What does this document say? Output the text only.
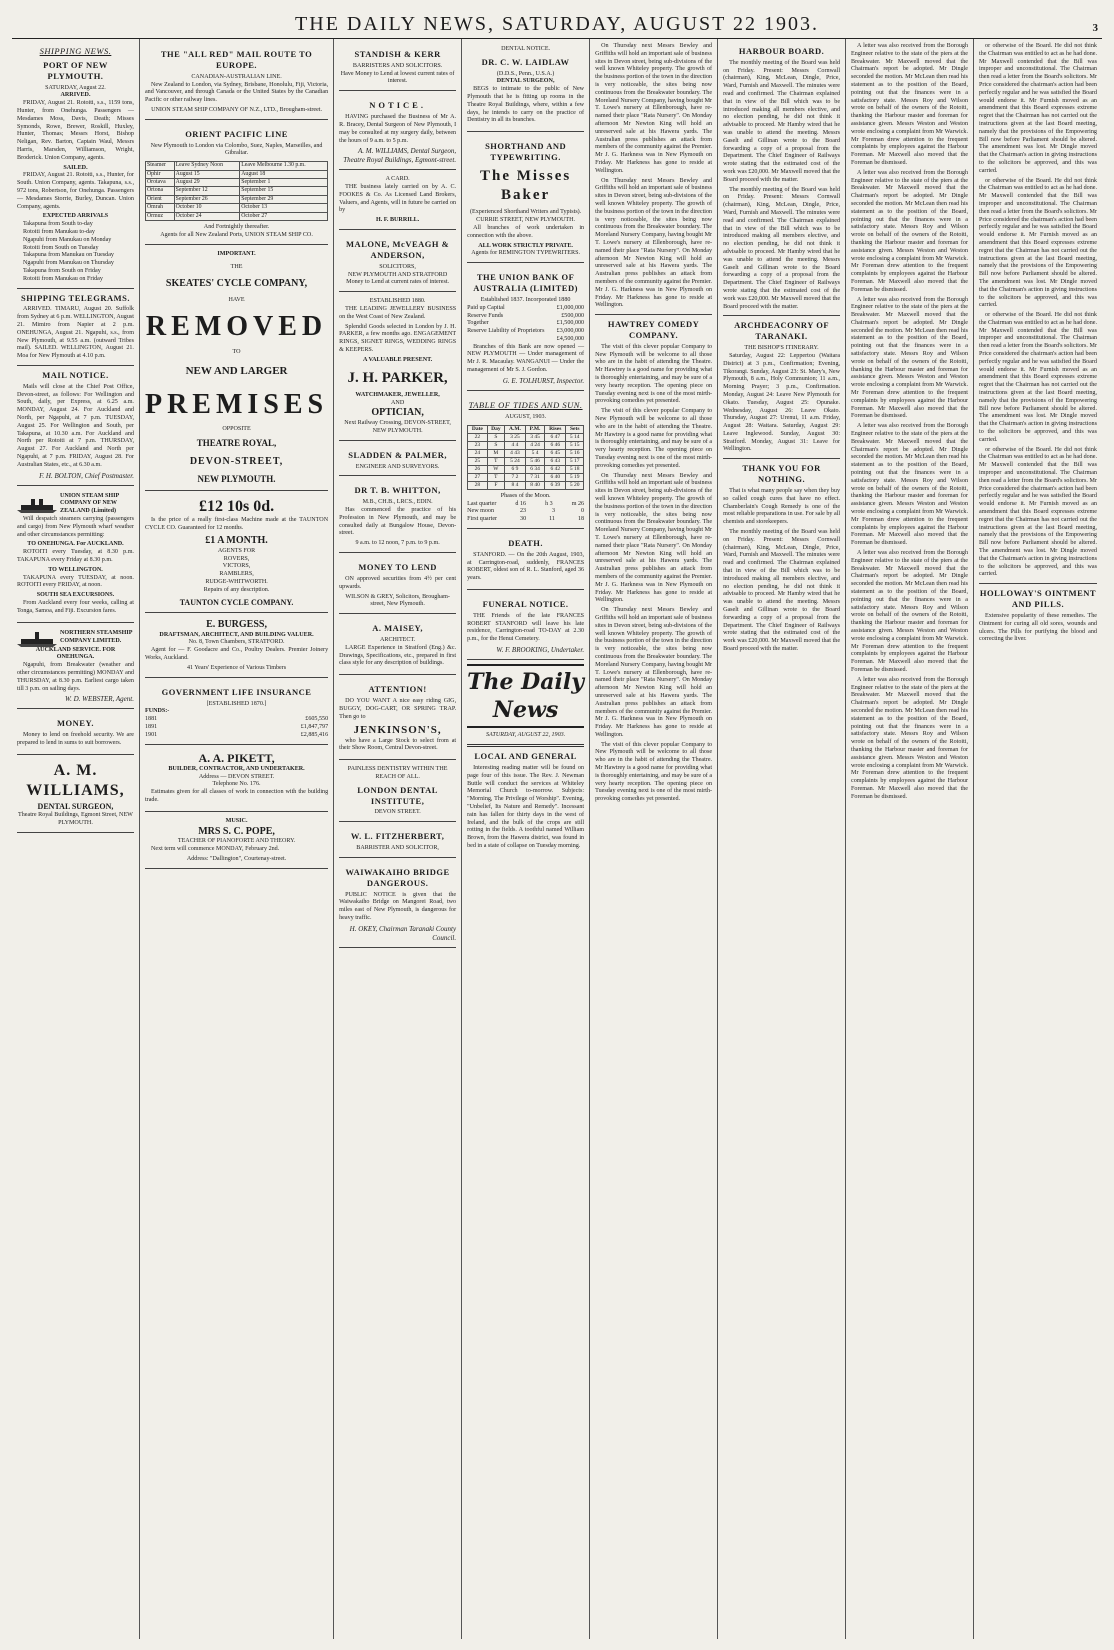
THE DAILY NEWS, SATURDAY, AUGUST 22 1903.	3
SHIPPING NEWS.
PORT OF NEW PLYMOUTH.
SATURDAY, August 22.
ARRIVED.

FRIDAY, August 21. Rotoiti, s.s., 1159 tons, Hunter, from Onehunga. Passengers — Mesdames Moss, Davis, Death; Misses Symonds, Rowe, Brewer, Roskill, Huxley, Hunter, Thomas; Messrs Horst, Bishop Neligan, Rev. Barton, Captain Waul, Messrs Harris, Marsden, Williamson, Wright, Broderick. Union Company, agents.

SAILED.

FRIDAY, August 21. Rotoiti, s.s., Hunter, for South. Union Company, agents. Takapuna, s.s., 972 tons, Robertson, for Onehunga. Passengers — Mesdames Storrie, Burley, Duncan. Union Company, agents.

EXPECTED ARRIVALS
Takapuna from South to-day
Rotoiti from Manukau to-day
Ngapuhi from Manukau on Monday
Rotoiti from South on Tuesday
Takapuna from Manukau on Tuesday
Ngapuhi from Manukau on Thursday
Takapuna from South on Friday
Rotoiti from Manukau on Friday
SHIPPING TELEGRAMS.

ARRIVED. TIMARU, August 20. Suffolk from Sydney at 6 p.m. WELLINGTON, August 21. Mimiro from Napier at 2 p.m. ONEHUNGA, August 21. Ngapuhi, s.s., from New Plymouth, at 9.55 a.m. (outward Tribes mail). SAILED. WELLINGTON, August 21. Moa for New Plymouth at 4.10 p.m.

MAIL NOTICE.

Mails will close at the Chief Post Office, Devon-street, as follows: For Wellington and South, daily, per Express, at 6.25 a.m. MONDAY, August 24. For Auckland and North, per Ngapuhi, at 7 p.m. TUESDAY, August 25. For Wellington and South, per Takapuna, at 10.30 a.m. For Auckland and North per Rotoiti at 7 p.m. THURSDAY, August 27. For Auckland and North per Ngapuhi, at 7 p.m. FRIDAY, August 28. For Australian States, etc., at 6.30 a.m.

F. H. BOLTON, Chief Postmaster.
UNION STEAM SHIP COMPANY OF NEW ZEALAND (Limited)

Will despatch steamers carrying (passengers and cargo) from New Plymouth wharf weather and other circumstances permitting:

TO ONEHUNGA. For AUCKLAND.

ROTOITI every Tuesday, at 8.30 p.m. TAKAPUNA every Friday at 8.30 p.m.

TO WELLINGTON.

TAKAPUNA every TUESDAY, at noon. ROTOITI every FRIDAY, at noon.

SOUTH SEA EXCURSIONS.

From Auckland every four weeks, calling at Tonga, Samoa, and Fiji. Excursion fares.

NORTHERN STEAMSHIP COMPANY LIMITED.
AUCKLAND SERVICE. FOR ONEHUNGA.

Ngapuhi, from Breakwater (weather and other circumstances permitting) MONDAY and THURSDAY, at 8.30 p.m. Earliest cargo taken till 3 p.m. on sailing days.

W. D. WEBSTER, Agent.
MONEY.

Money to lend on freehold security. We are prepared to lend in sums to suit borrowers.

A. M. WILLIAMS,
DENTAL SURGEON,
Theatre Royal Buildings, Egmont Street, NEW PLYMOUTH.
THE "ALL RED" MAIL ROUTE TO EUROPE.
CANADIAN-AUSTRALIAN LINE.

New Zealand to London, via Sydney, Brisbane, Honolulu, Fiji, Victoria, and Vancouver, and through Canada or the United States by the Canadian Pacific or other railway lines.

UNION STEAM SHIP COMPANY OF N.Z., LTD., Brougham-street.
ORIENT PACIFIC LINE
New Plymouth to London via Colombo, Suez, Naples, Marseilles, and Gibraltar.
Steamer	Leave Sydney Noon	Leave Melbourne 1.30 p.m.
Ophir	August 15	August 18
Orotava	August 29	September 1
Ortona	September 12	September 15
Orient	September 26	September 29
Omrah	October 10	October 13
Ormuz	October 24	October 27
And Fortnightly thereafter.
Agents for all New Zealand Ports, UNION STEAM SHIP CO.
IMPORTANT.
THE
SKEATES' CYCLE COMPANY,
HAVE
REMOVED
TO
NEW AND LARGER
PREMISES
OPPOSITE
THEATRE ROYAL,
DEVON-STREET,
NEW PLYMOUTH.
£12 10s 0d.

Is the price of a really first-class Machine made at the TAUNTON CYCLE CO. Guaranteed for 12 months.

£1 A MONTH.
AGENTS FOR
ROVERS,
VICTORS,
RAMBLERS,
RUDGE-WHITWORTH.
Repairs of any description.
TAUNTON CYCLE COMPANY.
E. BURGESS,
DRAFTSMAN, ARCHITECT, AND BUILDING VALUER.
No. 8, Town Chambers, STRATFORD.

Agent for — F. Goodacre and Co., Poultry Dealers. Premier Joinery Works, Auckland.

41 Years' Experience of Various Timbers
GOVERNMENT LIFE INSURANCE
[ESTABLISHED 1870.]
FUNDS:-
1881	£605,550
1891	£1,847,797
1901	£2,885,416
A. A. PIKETT,
BUILDER, CONTRACTOR, AND UNDERTAKER.
Address — DEVON STREET.
Telephone No. 176.

Estimates given for all classes of work in connection with the building trade.

MUSIC.
MRS S. C. POPE,
TEACHER OF PIANOFORTE AND THEORY.

Next term will commence MONDAY, February 2nd.

Address: "Dallington", Courtenay-street.
STANDISH & KERR
BARRISTERS AND SOLICITORS.
Have Money to Lend at lowest current rates of interest.
NOTICE.

HAVING purchased the Business of Mr A. R. Bracey, Dental Surgeon of New Plymouth, I may be consulted at my surgery daily, between the hours of 9 a.m. to 5 p.m.

A. M. WILLIAMS, Dental Surgeon, Theatre Royal Buildings, Egmont-street.
A CARD.

THE business lately carried on by A. C. FOOKES & Co. As Licensed Land Brokers, Valuers, and Agents, will in future be carried on by

H. F. BURRILL.
MALONE, McVEAGH & ANDERSON,
SOLICITORS,
NEW PLYMOUTH AND STRATFORD
Money to Lend at current rates of interest.
ESTABLISHED 1880.

THE LEADING JEWELLERY BUSINESS on the West Coast of New Zealand.

Splendid Goods selected in London by J. H. PARKER, a few months ago. ENGAGEMENT RINGS, SIGNET RINGS, WEDDING RINGS & KEEPERS.

A VALUABLE PRESENT.
J. H. PARKER,
WATCHMAKER, JEWELLER,
AND
OPTICIAN,
Next Railway Crossing, DEVON-STREET, NEW PLYMOUTH.
SLADDEN & PALMER,
ENGINEER AND SURVEYORS.
DR T. B. WHITTON,
M.B., CH.B., LRCS., EDIN.

Has commenced the practice of his Profession in New Plymouth, and may be consulted daily at Bungalow House, Devon-street.

9 a.m. to 12 noon, 7 p.m. to 9 p.m.
MONEY TO LEND

ON approved securities from 4½ per cent upwards.

WILSON & GREY, Solicitors, Brougham-street, New Plymouth.
A. MAISEY,
ARCHITECT.

LARGE Experience in Stratford (Eng.) &c. Drawings, Specifications, etc., prepared in first class style for any description of buildings.

ATTENTION!

DO YOU WANT A nice easy riding GIG, BUGGY, DOG-CART, OR SPRING TRAP. Then go to

JENKINSON'S,

who have a Large Stock to select from at their Show Room, Central Devon-street.

PAINLESS DENTISTRY WITHIN THE REACH OF ALL.
LONDON DENTAL INSTITUTE,
DEVON STREET.
W. L. FITZHERBERT,
BARRISTER AND SOLICITOR,
WAIWAKAIHO BRIDGE DANGEROUS.

PUBLIC NOTICE is given that the Waiwakaiho Bridge on Mangorei Road, two miles east of New Plymouth, is dangerous for heavy traffic.

H. OKEY, Chairman Taranaki County Council.
DENTAL NOTICE.
DR. C. W. LAIDLAW
(D.D.S., Penn., U.S.A.)
DENTAL SURGEON,

BEGS to intimate to the public of New Plymouth that he is fitting up rooms in the Theatre Royal Buildings, where, within a few days, he intends to carry on the practice of Dentistry in all its branches.

SHORTHAND AND TYPEWRITING.
The Misses Baker
(Experienced Shorthand Writers and Typists).
CURRIE STREET, NEW PLYMOUTH.

All branches of work undertaken in connection with the above.

ALL WORK STRICTLY PRIVATE.
Agents for REMINGTON TYPEWRITERS.
THE UNION BANK OF AUSTRALIA (LIMITED)
Established 1837. Incorporated 1880
Paid up Capital	£1,000,000
Reserve Funds	£500,000
Together	£1,500,000
Reserve Liability of Proprietors £3,000,000
£4,500,000

Branches of this Bank are now opened — NEW PLYMOUTH — Under management of Mr J. R. Macaulay. WANGANUI — Under the management of Mr S. J. Gordon.

G. E. TOLHURST, Inspector.
TABLE OF TIDES AND SUN.
AUGUST, 1903.
Date	Day	A.M.	P.M.	Rises	Sets
22	S	3 25	3 45	6 47	5 14
23	S	4 4	4 24	6 46	5 15
24	M	4 43	5 4	6 45	5 16
25	T	5 24	5 46	6 43	5 17
26	W	6 9	6 34	6 42	5 18
27	T	7 2	7 31	6 40	5 19
28	F	8 4	8 40	6 39	5 20
Phases of the Moon.
Last quarter	d 16	h 3	m 26
New moon	23	3	0
First quarter	30	11	18
DEATH.

STANFORD. — On the 20th August, 1903, at Carrington-road, suddenly, FRANCES ROBERT, oldest son of R. L. Stanford, aged 36 years.

FUNERAL NOTICE.

THE Friends of the late FRANCES ROBERT STANFORD will leave his late residence, Carrington-road TO-DAY at 2.30 p.m., for the Henui Cemetery.

W. F. BROOKING, Undertaker.
The Daily News
SATURDAY, AUGUST 22, 1903.
LOCAL AND GENERAL

Interesting reading matter will be found on page four of this issue. The Rev. J. Newman Buttle will conduct the services at Whiteley Memorial Church to-morrow. Subjects: "Morning, The Privilege of Worship". Evening, "Unbelief, Its Nature and Remedy". Incessant rain has fallen for thirty days in the west of Ireland, and the bulk of the crops are still rotting in the fields. A toothful named William Brown, from the Hawera district, was found in bed in a state of collapse on Tuesday morning.

On Thursday next Messrs Bewley and Griffiths will hold an important sale of business sites in Devon street, being sub-divisions of the well known Whiteley property. The growth of the business portion of the town in the direction is very noticeable, the sites being now continuous from the Breakwater boundary. The Moreland Nursery Company, having bought Mr T. Lowe's nursery at Ellenborough, have re-named their place "Rata Nursery". On Monday afternoon Mr Newton King will hold an unreserved sale at his Hawera yards. The Australian press publishes an attack from members of the community against the Premier. Mr J. G. Harkness was in New Plymouth on Friday. Mr Harkness has gone to reside at Wellington.

On Thursday next Messrs Bewley and Griffiths will hold an important sale of business sites in Devon street, being sub-divisions of the well known Whiteley property. The growth of the business portion of the town in the direction is very noticeable, the sites being now continuous from the Breakwater boundary. The Moreland Nursery Company, having bought Mr T. Lowe's nursery at Ellenborough, have re-named their place "Rata Nursery". On Monday afternoon Mr Newton King will hold an unreserved sale at his Hawera yards. The Australian press publishes an attack from members of the community against the Premier. Mr J. G. Harkness was in New Plymouth on Friday. Mr Harkness has gone to reside at Wellington.

HAWTREY COMEDY COMPANY.

The visit of this clever popular Company to New Plymouth will be welcome to all those who are in the habit of attending the Theatre. Mr Hawtrey is a good name for providing what is thoroughly entertaining, and may be sure of a very hearty reception. The opening piece on Tuesday evening next is one of the most mirth-provoking comedies yet presented.

The visit of this clever popular Company to New Plymouth will be welcome to all those who are in the habit of attending the Theatre. Mr Hawtrey is a good name for providing what is thoroughly entertaining, and may be sure of a very hearty reception. The opening piece on Tuesday evening next is one of the most mirth-provoking comedies yet presented.

On Thursday next Messrs Bewley and Griffiths will hold an important sale of business sites in Devon street, being sub-divisions of the well known Whiteley property. The growth of the business portion of the town in the direction is very noticeable, the sites being now continuous from the Breakwater boundary. The Moreland Nursery Company, having bought Mr T. Lowe's nursery at Ellenborough, have re-named their place "Rata Nursery". On Monday afternoon Mr Newton King will hold an unreserved sale at his Hawera yards. The Australian press publishes an attack from members of the community against the Premier. Mr J. G. Harkness was in New Plymouth on Friday. Mr Harkness has gone to reside at Wellington.

On Thursday next Messrs Bewley and Griffiths will hold an important sale of business sites in Devon street, being sub-divisions of the well known Whiteley property. The growth of the business portion of the town in the direction is very noticeable, the sites being now continuous from the Breakwater boundary. The Moreland Nursery Company, having bought Mr T. Lowe's nursery at Ellenborough, have re-named their place "Rata Nursery". On Monday afternoon Mr Newton King will hold an unreserved sale at his Hawera yards. The Australian press publishes an attack from members of the community against the Premier. Mr J. G. Harkness was in New Plymouth on Friday. Mr Harkness has gone to reside at Wellington.

The visit of this clever popular Company to New Plymouth will be welcome to all those who are in the habit of attending the Theatre. Mr Hawtrey is a good name for providing what is thoroughly entertaining, and may be sure of a very hearty reception. The opening piece on Tuesday evening next is one of the most mirth-provoking comedies yet presented.

HARBOUR BOARD.

The monthly meeting of the Board was held on Friday. Present: Messrs Cornwall (chairman), King, McLean, Dingle, Price, Ward, Furnish and Maxwell. The minutes were read and confirmed. The Chairman explained that in view of the Bill which was to be introduced making all members elective, and no election pending, he did not think it advisable to proceed. Mr Hamby wired that he was unable to attend the meeting. Messrs Gaselt and Gillinan wrote to the Board forwarding a copy of a proposal from the Department. The Chief Engineer of Railways wrote stating that the estimated cost of the work was £20,000. Mr Maxwell moved that the Board proceed with the matter.

The monthly meeting of the Board was held on Friday. Present: Messrs Cornwall (chairman), King, McLean, Dingle, Price, Ward, Furnish and Maxwell. The minutes were read and confirmed. The Chairman explained that in view of the Bill which was to be introduced making all members elective, and no election pending, he did not think it advisable to proceed. Mr Hamby wired that he was unable to attend the meeting. Messrs Gaselt and Gillinan wrote to the Board forwarding a copy of a proposal from the Department. The Chief Engineer of Railways wrote stating that the estimated cost of the work was £20,000. Mr Maxwell moved that the Board proceed with the matter.

ARCHDEACONRY OF TARANAKI.
THE BISHOP'S ITINERARY.

Saturday, August 22: Leppertou (Waitara District) at 3 p.m., Confirmation; Evening, Tikorangi. Sunday, August 23: St. Mary's, New Plymouth, 8 a.m., Holy Communion; 11 a.m., Morning Prayer; 3 p.m., Confirmation. Monday, August 24: Leave New Plymouth for Okato. Tuesday, August 25: Opunake. Wednesday, August 26: Leave Okato. Thursday, August 27: Urenui, 11 a.m. Friday, August 28: Waitara. Saturday, August 29: Leave Inglewood. Sunday, August 30: Stratford. Monday, August 31: Leave for Wellington.

THANK YOU FOR NOTHING.

That is what many people say when they buy so called cough cures that have no effect. Chamberlain's Cough Remedy is one of the most reliable preparations in use. For sale by all chemists and storekeepers.

The monthly meeting of the Board was held on Friday. Present: Messrs Cornwall (chairman), King, McLean, Dingle, Price, Ward, Furnish and Maxwell. The minutes were read and confirmed. The Chairman explained that in view of the Bill which was to be introduced making all members elective, and no election pending, he did not think it advisable to proceed. Mr Hamby wired that he was unable to attend the meeting. Messrs Gaselt and Gillinan wrote to the Board forwarding a copy of a proposal from the Department. The Chief Engineer of Railways wrote stating that the estimated cost of the work was £20,000. Mr Maxwell moved that the Board proceed with the matter.

A letter was also received from the Borough Engineer relative to the state of the piers at the Breakwater. Mr Maxwell moved that the Chairman's report be adopted. Mr Dingle seconded the motion. Mr McLean then read his statement as to the position of the Board, pointing out that the finances were in a satisfactory state. Messrs Roy and Wilson wrote on behalf of the owners of the Rotoiti, thanking the Harbour master and foreman for assistance given. Messrs Weston and Weston wrote enclosing a complaint from Mr Warwick. Mr Foreman drew attention to the frequent complaints by employees against the Harbour Foreman. Mr Maxwell also moved that the Foreman be dismissed.

A letter was also received from the Borough Engineer relative to the state of the piers at the Breakwater. Mr Maxwell moved that the Chairman's report be adopted. Mr Dingle seconded the motion. Mr McLean then read his statement as to the position of the Board, pointing out that the finances were in a satisfactory state. Messrs Roy and Wilson wrote on behalf of the owners of the Rotoiti, thanking the Harbour master and foreman for assistance given. Messrs Weston and Weston wrote enclosing a complaint from Mr Warwick. Mr Foreman drew attention to the frequent complaints by employees against the Harbour Foreman. Mr Maxwell also moved that the Foreman be dismissed.

A letter was also received from the Borough Engineer relative to the state of the piers at the Breakwater. Mr Maxwell moved that the Chairman's report be adopted. Mr Dingle seconded the motion. Mr McLean then read his statement as to the position of the Board, pointing out that the finances were in a satisfactory state. Messrs Roy and Wilson wrote on behalf of the owners of the Rotoiti, thanking the Harbour master and foreman for assistance given. Messrs Weston and Weston wrote enclosing a complaint from Mr Warwick. Mr Foreman drew attention to the frequent complaints by employees against the Harbour Foreman. Mr Maxwell also moved that the Foreman be dismissed.

A letter was also received from the Borough Engineer relative to the state of the piers at the Breakwater. Mr Maxwell moved that the Chairman's report be adopted. Mr Dingle seconded the motion. Mr McLean then read his statement as to the position of the Board, pointing out that the finances were in a satisfactory state. Messrs Roy and Wilson wrote on behalf of the owners of the Rotoiti, thanking the Harbour master and foreman for assistance given. Messrs Weston and Weston wrote enclosing a complaint from Mr Warwick. Mr Foreman drew attention to the frequent complaints by employees against the Harbour Foreman. Mr Maxwell also moved that the Foreman be dismissed.

A letter was also received from the Borough Engineer relative to the state of the piers at the Breakwater. Mr Maxwell moved that the Chairman's report be adopted. Mr Dingle seconded the motion. Mr McLean then read his statement as to the position of the Board, pointing out that the finances were in a satisfactory state. Messrs Roy and Wilson wrote on behalf of the owners of the Rotoiti, thanking the Harbour master and foreman for assistance given. Messrs Weston and Weston wrote enclosing a complaint from Mr Warwick. Mr Foreman drew attention to the frequent complaints by employees against the Harbour Foreman. Mr Maxwell also moved that the Foreman be dismissed.

A letter was also received from the Borough Engineer relative to the state of the piers at the Breakwater. Mr Maxwell moved that the Chairman's report be adopted. Mr Dingle seconded the motion. Mr McLean then read his statement as to the position of the Board, pointing out that the finances were in a satisfactory state. Messrs Roy and Wilson wrote on behalf of the owners of the Rotoiti, thanking the Harbour master and foreman for assistance given. Messrs Weston and Weston wrote enclosing a complaint from Mr Warwick. Mr Foreman drew attention to the frequent complaints by employees against the Harbour Foreman. Mr Maxwell also moved that the Foreman be dismissed.

or otherwise of the Board. He did not think the Chairman was entitled to act as he had done. Mr Maxwell contended that the Bill was improper and unconstitutional. The Chairman then read a letter from the Board's solicitors. Mr Price considered the chairman's action had been perfectly regular and he was satisfied the Board would endorse it. Mr Furnish moved as an amendment that this Board expresses extreme regret that the Chairman has not carried out the instructions given at the last Board meeting, namely that the provisions of the Empowering Bill now before Parliament should be altered. The amendment was lost. Mr Dingle moved that the Chairman's action in giving instructions to the solicitors be approved, and this was carried.

or otherwise of the Board. He did not think the Chairman was entitled to act as he had done. Mr Maxwell contended that the Bill was improper and unconstitutional. The Chairman then read a letter from the Board's solicitors. Mr Price considered the chairman's action had been perfectly regular and he was satisfied the Board would endorse it. Mr Furnish moved as an amendment that this Board expresses extreme regret that the Chairman has not carried out the instructions given at the last Board meeting, namely that the provisions of the Empowering Bill now before Parliament should be altered. The amendment was lost. Mr Dingle moved that the Chairman's action in giving instructions to the solicitors be approved, and this was carried.

or otherwise of the Board. He did not think the Chairman was entitled to act as he had done. Mr Maxwell contended that the Bill was improper and unconstitutional. The Chairman then read a letter from the Board's solicitors. Mr Price considered the chairman's action had been perfectly regular and he was satisfied the Board would endorse it. Mr Furnish moved as an amendment that this Board expresses extreme regret that the Chairman has not carried out the instructions given at the last Board meeting, namely that the provisions of the Empowering Bill now before Parliament should be altered. The amendment was lost. Mr Dingle moved that the Chairman's action in giving instructions to the solicitors be approved, and this was carried.

or otherwise of the Board. He did not think the Chairman was entitled to act as he had done. Mr Maxwell contended that the Bill was improper and unconstitutional. The Chairman then read a letter from the Board's solicitors. Mr Price considered the chairman's action had been perfectly regular and he was satisfied the Board would endorse it. Mr Furnish moved as an amendment that this Board expresses extreme regret that the Chairman has not carried out the instructions given at the last Board meeting, namely that the provisions of the Empowering Bill now before Parliament should be altered. The amendment was lost. Mr Dingle moved that the Chairman's action in giving instructions to the solicitors be approved, and this was carried.

HOLLOWAY'S OINTMENT AND PILLS.

Extensive popularity of these remedies. The Ointment for curing all old sores, wounds and ulcers. The Pills for purifying the blood and correcting the liver.
